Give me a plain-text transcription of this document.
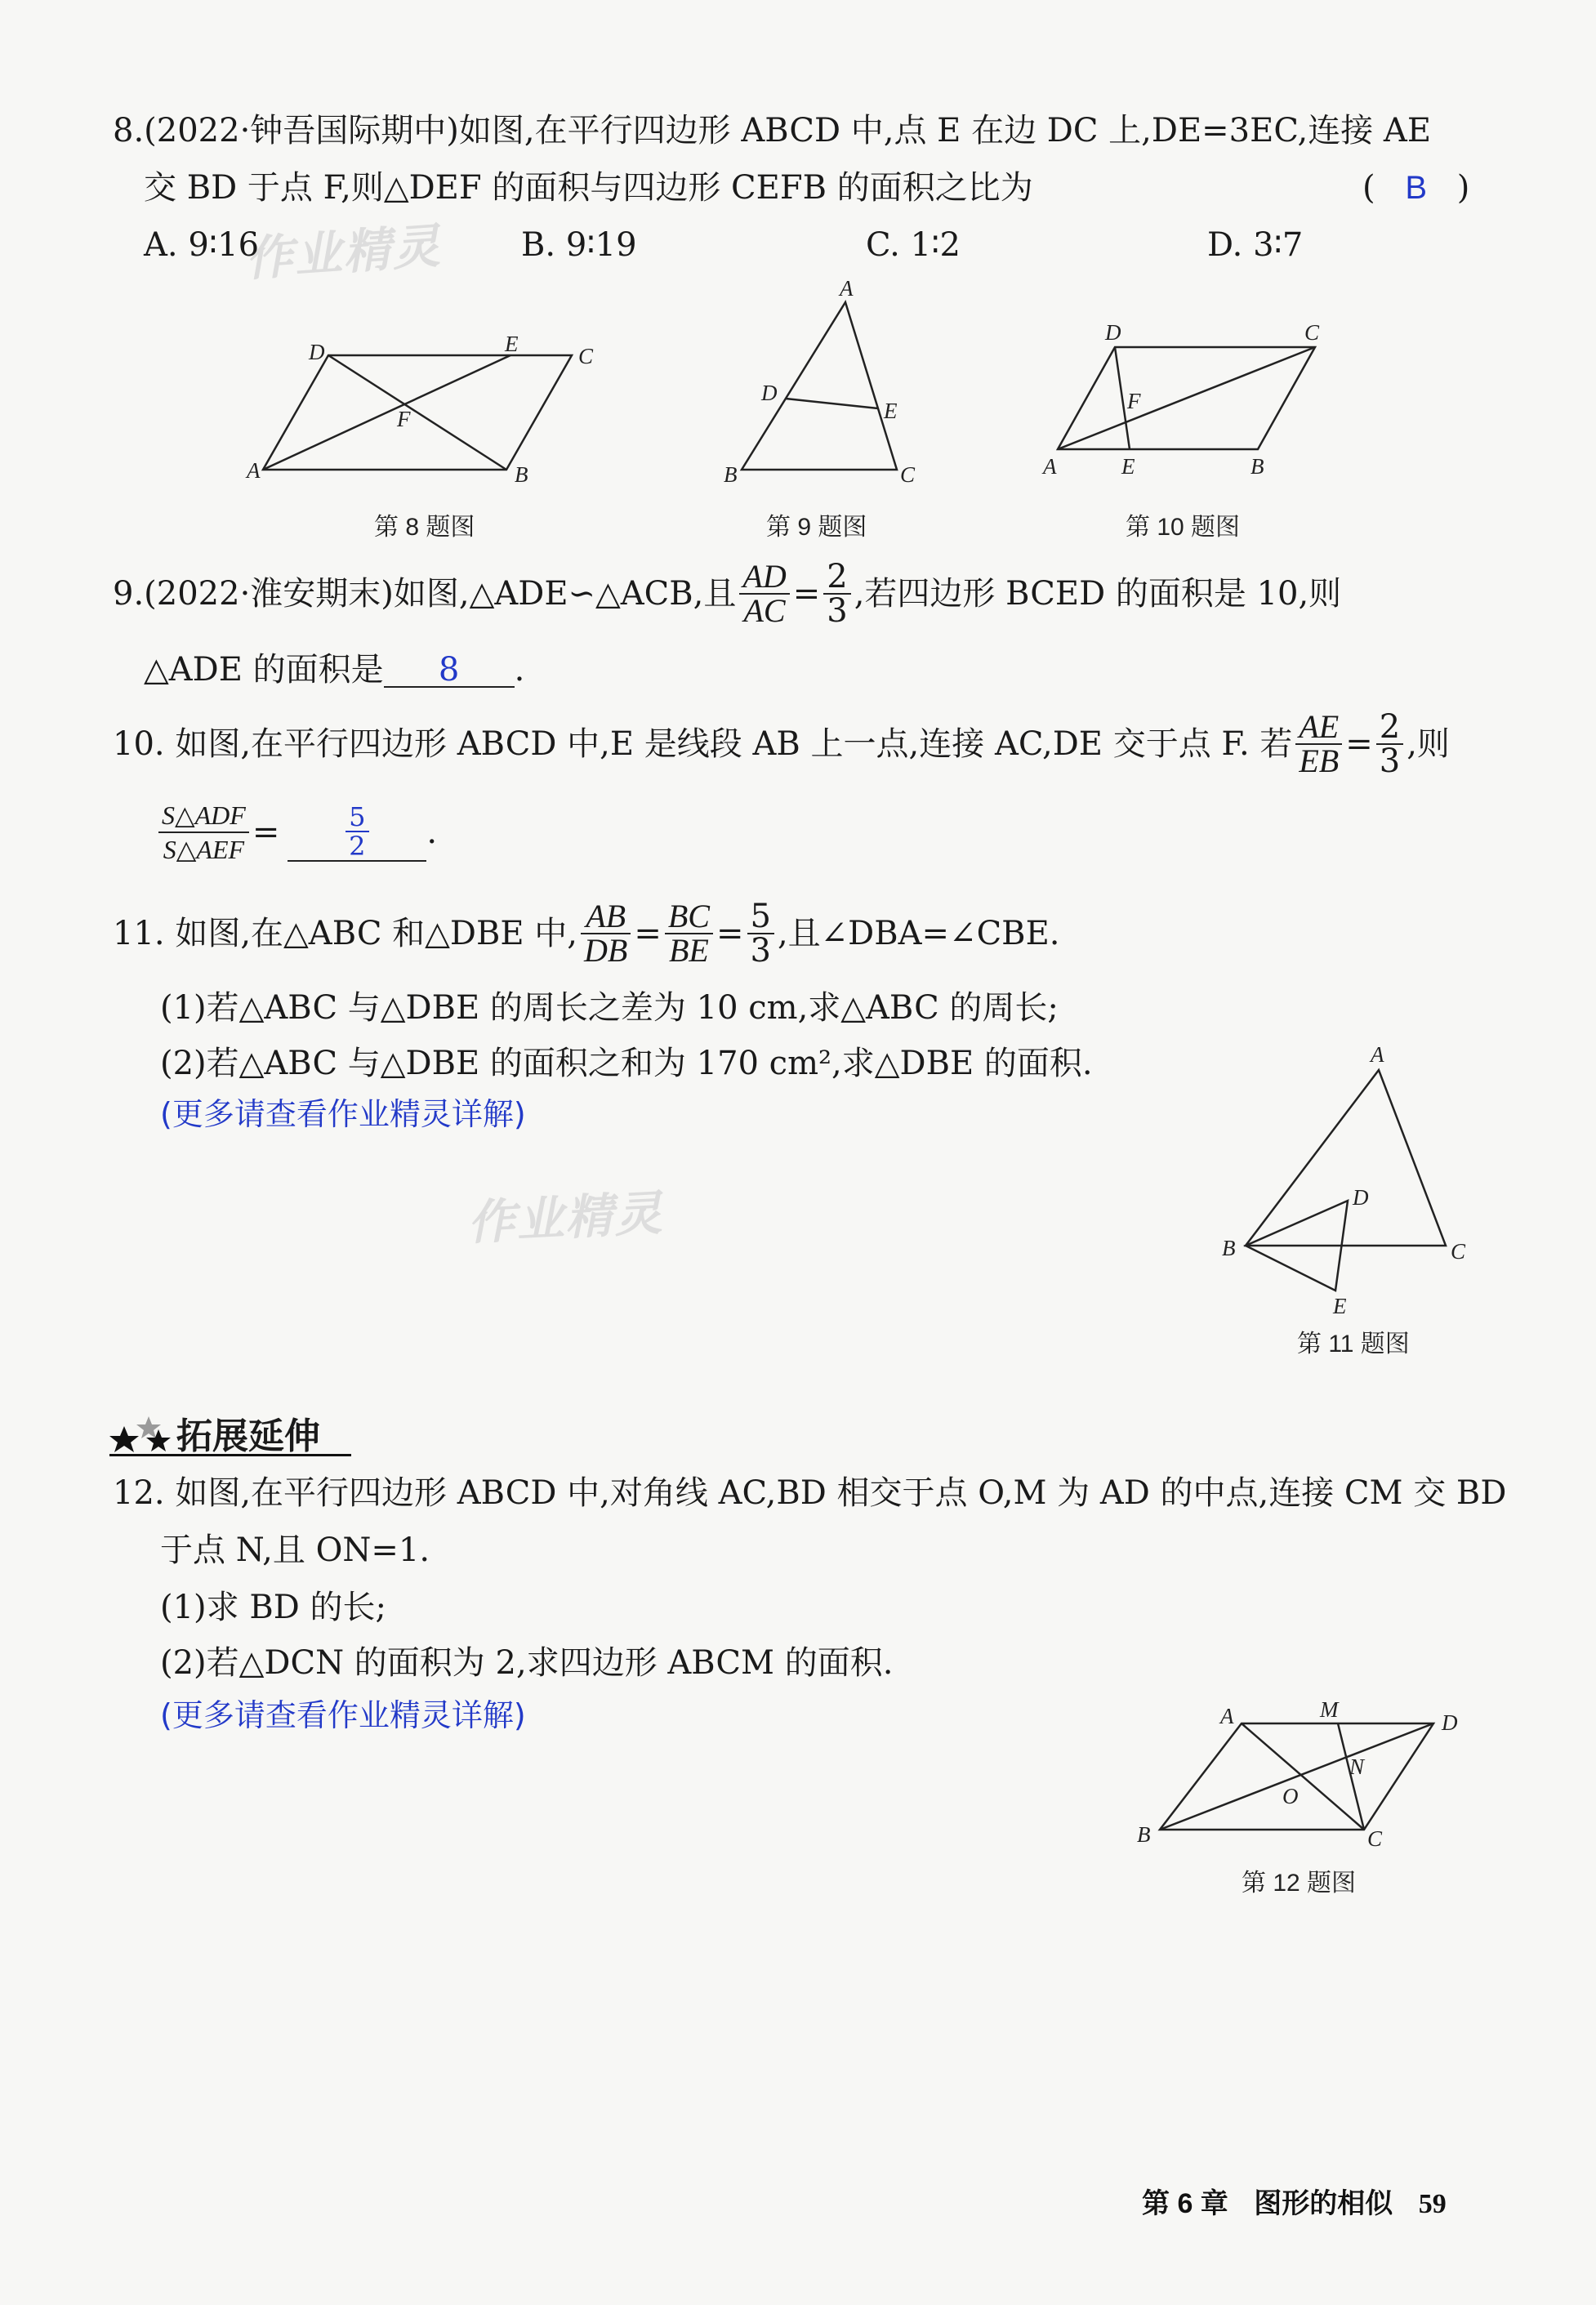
8.(2022·钟吾国际期中)如图,在平行四边形 ABCD 中,点 E 在边 DC 上,DE=3EC,连接 AE
交 BD 于点 F,则△DEF 的面积与四边形 CEFB 的面积之比为	( B )
A. 9∶16	B. 9∶19	C. 1∶2	D. 3∶7
作业精灵
D	E	C
F
A	B
第 8 题图
A
D
E
B	C
第 9 题图
D	C
F
A	E	B
第 10 题图
9.(2022·淮安期末)如图,△ADE∽△ACB,且 $\frac{AD}{AC} = \frac{2}{3}$ ,若四边形 BCED 的面积是 10,则
△ADE 的面积是 8 .
10. 如图,在平行四边形 ABCD 中,E 是线段 AB 上一点,连接 AC,DE 交于点 F. 若 $\frac{AE}{EB} = \frac{2}{3}$ ,则
$\frac{\text{S△ADF}}{\text{S△AEF}}$ =	$\frac{5}{2}$ .
11. 如图,在△ABC 和△DBE 中, $\frac{AB}{DB} = \frac{BC}{BE} = \frac{5}{3}$ ,且∠DBA=∠CBE.
(1)若△ABC 与△DBE 的周长之差为 10 cm,求△ABC 的周长;
(2)若△ABC 与△DBE 的面积之和为 170 cm²,求△DBE 的面积.
(更多请查看作业精灵详解)
作业精灵
A
D
B	C
E
第 11 题图
拓展延伸
12. 如图,在平行四边形 ABCD 中,对角线 AC,BD 相交于点 O,M 为 AD 的中点,连接 CM 交 BD
于点 N,且 ON=1.
(1)求 BD 的长;
(2)若△DCN 的面积为 2,求四边形 ABCM 的面积.
(更多请查看作业精灵详解)	A	M
D
N
O
B	C
第 12 题图
第 6 章 图形的相似 59
